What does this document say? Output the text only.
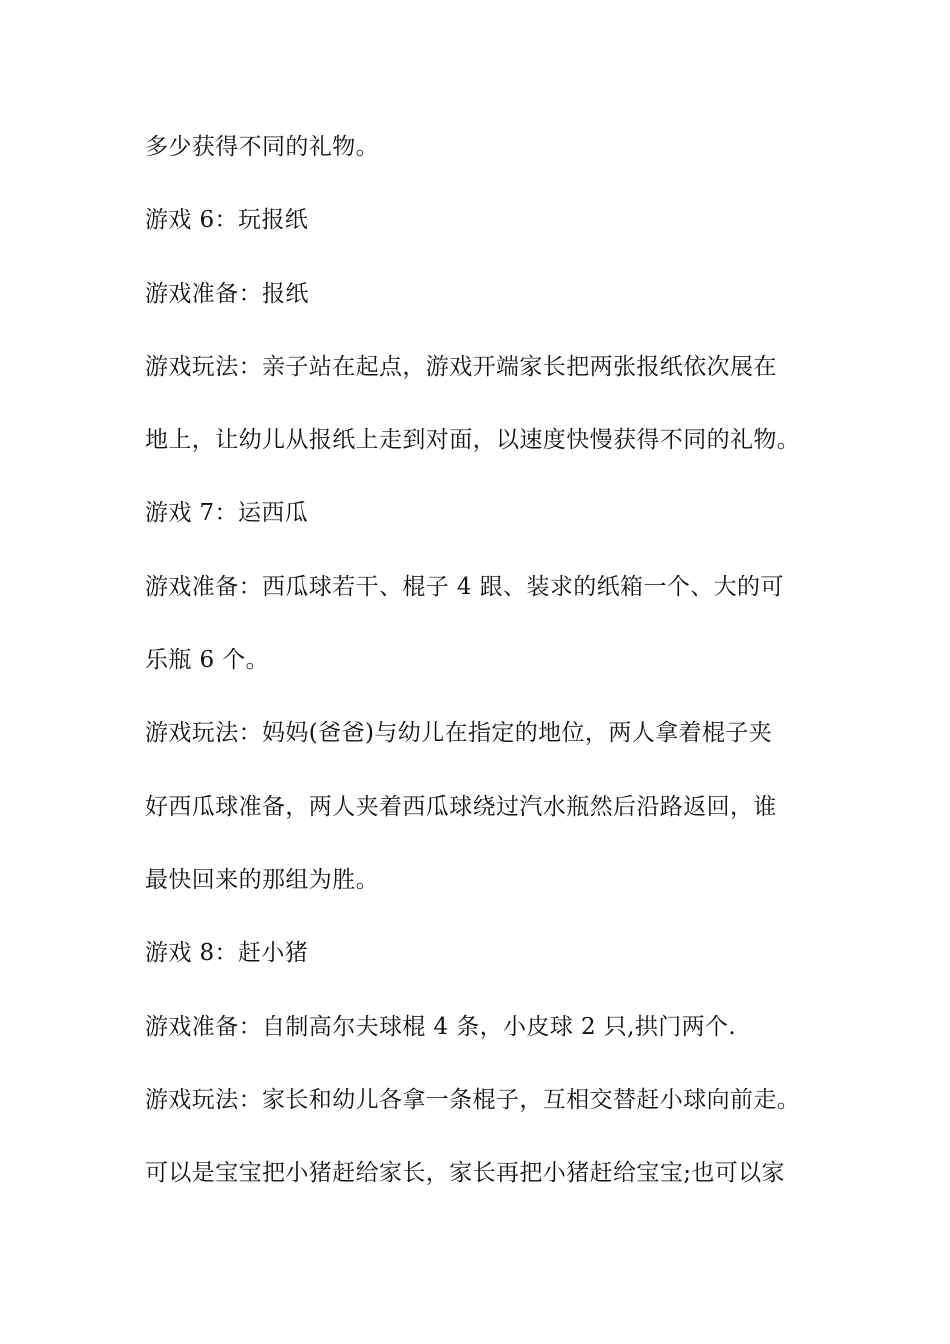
多少获得不同的礼物。

游戏 6：玩报纸

游戏准备：报纸

游戏玩法：亲子站在起点，游戏开端家长把两张报纸依次展在

地上，让幼儿从报纸上走到对面，以速度快慢获得不同的礼物。

游戏 7：运西瓜

游戏准备：西瓜球若干、棍子 4 跟、装求的纸箱一个、大的可

乐瓶 6 个。

游戏玩法：妈妈(爸爸)与幼儿在指定的地位，两人拿着棍子夹

好西瓜球准备，两人夹着西瓜球绕过汽水瓶然后沿路返回，谁

最快回来的那组为胜。

游戏 8：赶小猪

游戏准备：自制高尔夫球棍 4 条，小皮球 2 只,拱门两个.

游戏玩法：家长和幼儿各拿一条棍子，互相交替赶小球向前走。

可以是宝宝把小猪赶给家长，家长再把小猪赶给宝宝;也可以家
